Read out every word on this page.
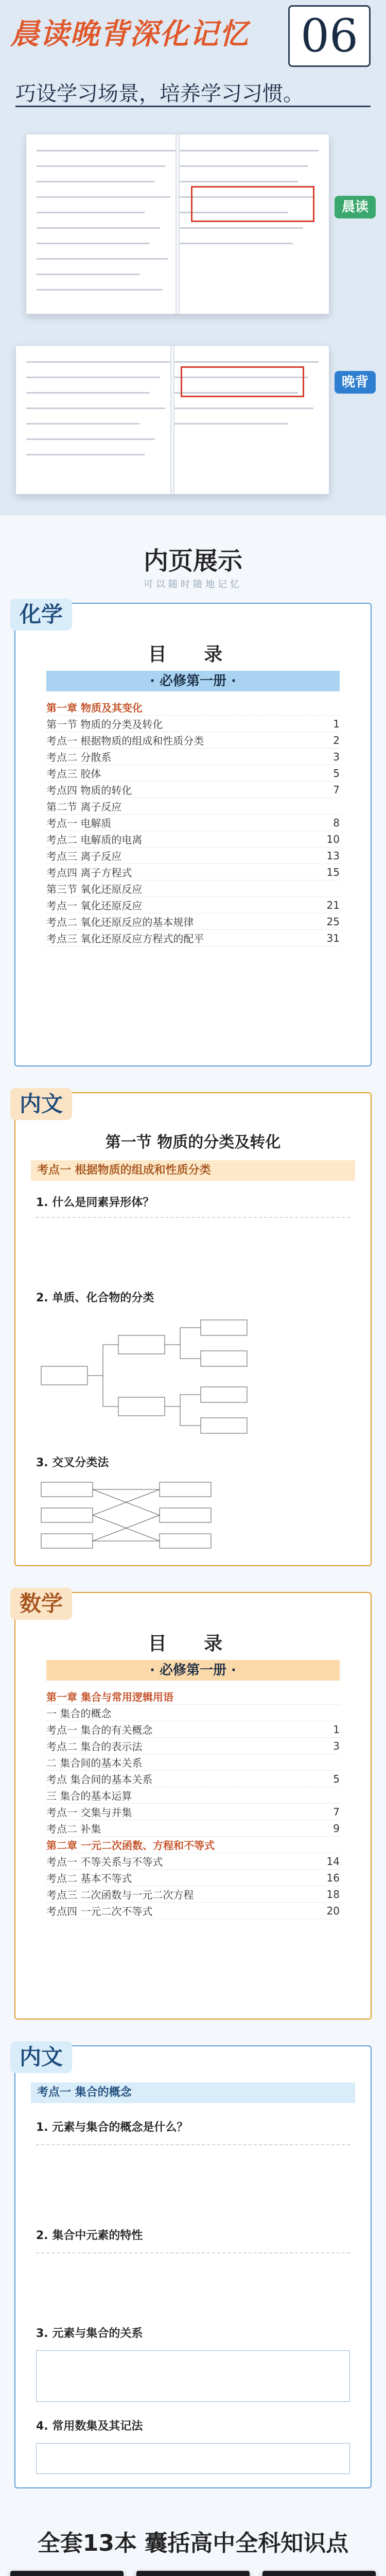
晨读晚背深化记忆 06
巧设学习场景，培养学习习惯。
晨读
晚背
内页展示
可以随时随地记忆
化学
目 录
· 必修第一册 ·
第一章 物质及其变化
第一节 物质的分类及转化	1
考点一 根据物质的组成和性质分类	2
考点二 分散系	3
考点三 胶体	5
考点四 物质的转化	7
第二节 离子反应
考点一 电解质	8
考点二 电解质的电离	10
考点三 离子反应	13
考点四 离子方程式	15
第三节 氧化还原反应
考点一 氧化还原反应	21
考点二 氧化还原反应的基本规律	25
考点三 氧化还原反应方程式的配平	31
内文
第一节 物质的分类及转化
考点一 根据物质的组成和性质分类
1. 什么是同素异形体？
2. 单质、化合物的分类
3. 交叉分类法
数学
目 录
· 必修第一册 ·
第一章 集合与常用逻辑用语
一 集合的概念
考点一 集合的有关概念	1
考点二 集合的表示法	3
二 集合间的基本关系
考点 集合间的基本关系	5
三 集合的基本运算
考点一 交集与并集	7
考点二 补集	9
第二章 一元二次函数、方程和不等式
考点一 不等关系与不等式	14
考点二 基本不等式	16
考点三 二次函数与一元二次方程	18
考点四 一元二次不等式	20
内文
考点一 集合的概念
1. 元素与集合的概念是什么？
2. 集合中元素的特性
3. 元素与集合的关系
4. 常用数集及其记法
全套13本 囊括高中全科知识点
